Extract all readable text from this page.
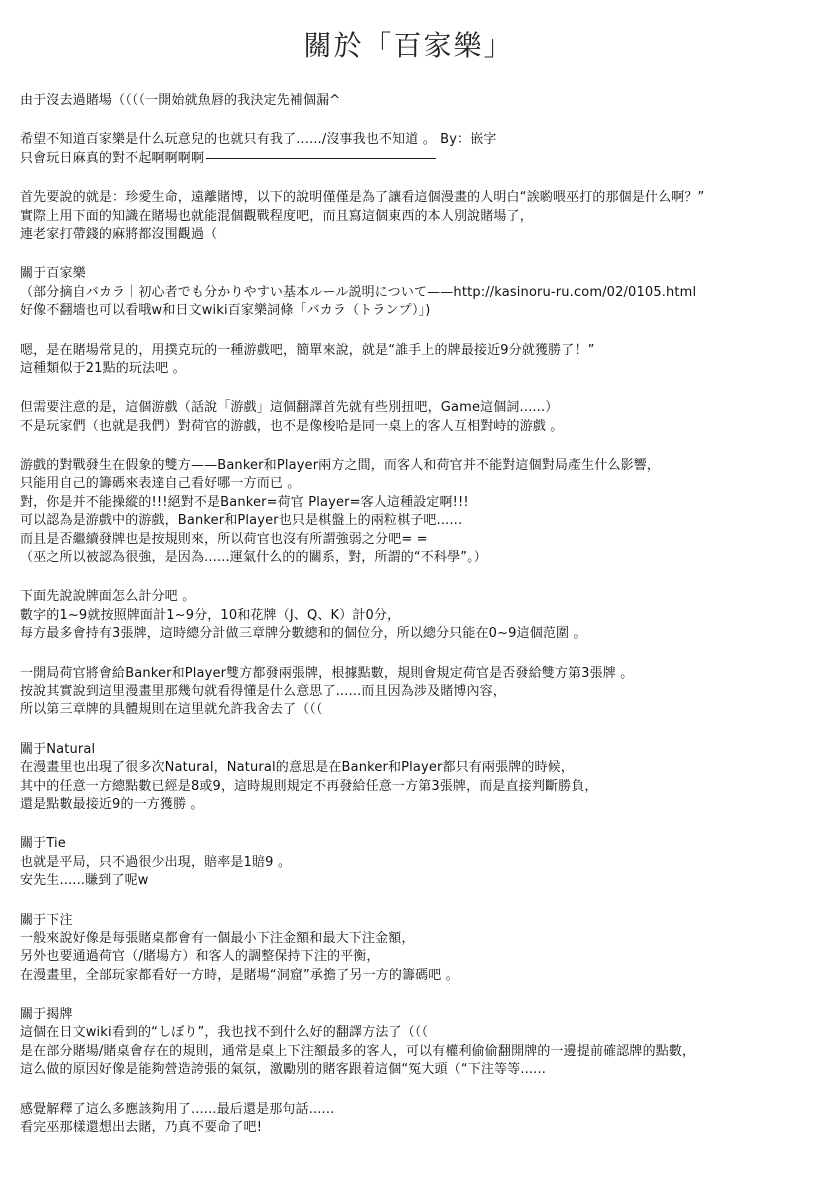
關於「百家樂」
由于沒去過賭場（（（（一開始就魚唇的我決定先補個漏^
希望不知道百家樂是什么玩意兒的也就只有我了....../沒事我也不知道 。 By：嵌字
只會玩日麻真的對不起啊啊啊啊
首先要說的就是：珍愛生命，遠離賭博，以下的說明僅僅是為了讓看這個漫畫的人明白“誒喲喂巫打的那個是什么啊？”
實際上用下面的知識在賭場也就能混個觀戰程度吧，而且寫這個東西的本人別說賭場了，
連老家打帶錢的麻將都沒围觀過（
關于百家樂
（部分摘自バカラ｜初心者でも分かりやすい基本ルール説明について——http://kasinoru-ru.com/02/0105.html
好像不翻墻也可以看哦w和日文wiki百家樂詞條「バカラ（トランプ）」)
嗯，是在賭場常見的，用撲克玩的一種游戲吧，簡單來說，就是“誰手上的牌最接近9分就獲勝了！”
這種類似于21點的玩法吧 。
但需要注意的是，這個游戲（話說「游戲」這個翻譯首先就有些別扭吧，Game這個詞......）
不是玩家們（也就是我們）對荷官的游戲，也不是像梭哈是同一桌上的客人互相對峙的游戲 。
游戲的對戰發生在假象的雙方——Banker和Player兩方之間，而客人和荷官并不能對這個對局產生什么影響，
只能用自己的籌碼來表達自己看好哪一方而已 。
對，你是并不能操縱的!!!絕對不是Banker=荷官 Player=客人這種設定啊!!!
可以認為是游戲中的游戲，Banker和Player也只是棋盤上的兩粒棋子吧......
而且是否繼續發牌也是按規則來，所以荷官也沒有所謂強弱之分吧= =
（巫之所以被認為很強，是因為......運氣什么的的關系，對，所謂的“不科學”。）
下面先說說牌面怎么計分吧 。
數字的1~9就按照牌面計1~9分，10和花牌（J、Q、K）計0分，
每方最多會持有3張牌，這時總分計做三章牌分數總和的個位分，所以總分只能在0~9這個范圍 。
一開局荷官將會給Banker和Player雙方都發兩張牌，根據點數，規則會規定荷官是否發給雙方第3張牌 。
按說其實說到這里漫畫里那幾句就看得懂是什么意思了......而且因為涉及賭博內容，
所以第三章牌的具體規則在這里就允許我舍去了（（（
關于Natural
在漫畫里也出現了很多次Natural，Natural的意思是在Banker和Player都只有兩張牌的時候，
其中的任意一方總點數已經是8或9，這時規則規定不再發給任意一方第3張牌，而是直接判斷勝負，
還是點數最接近9的一方獲勝 。
關于Tie
也就是平局，只不過很少出現，賠率是1賠9 。
安先生......賺到了呢w
關于下注
一般來說好像是每張賭桌都會有一個最小下注金額和最大下注金額，
另外也要通過荷官（/賭場方）和客人的調整保持下注的平衡，
在漫畫里，全部玩家都看好一方時，是賭場“洞窟”承擔了另一方的籌碼吧 。
關于揭牌
這個在日文wiki看到的“しぼり”，我也找不到什么好的翻譯方法了（（（
是在部分賭場/賭桌會存在的規則，通常是桌上下注額最多的客人，可以有權利偷偷翻開牌的一邊提前確認牌的點數，
這么做的原因好像是能夠營造誇張的氣氛，激勵別的賭客跟着這個“冤大頭（“下注等等......
感覺解釋了這么多應該夠用了......最后還是那句話......
看完巫那樣還想出去賭，乃真不要命了吧!
